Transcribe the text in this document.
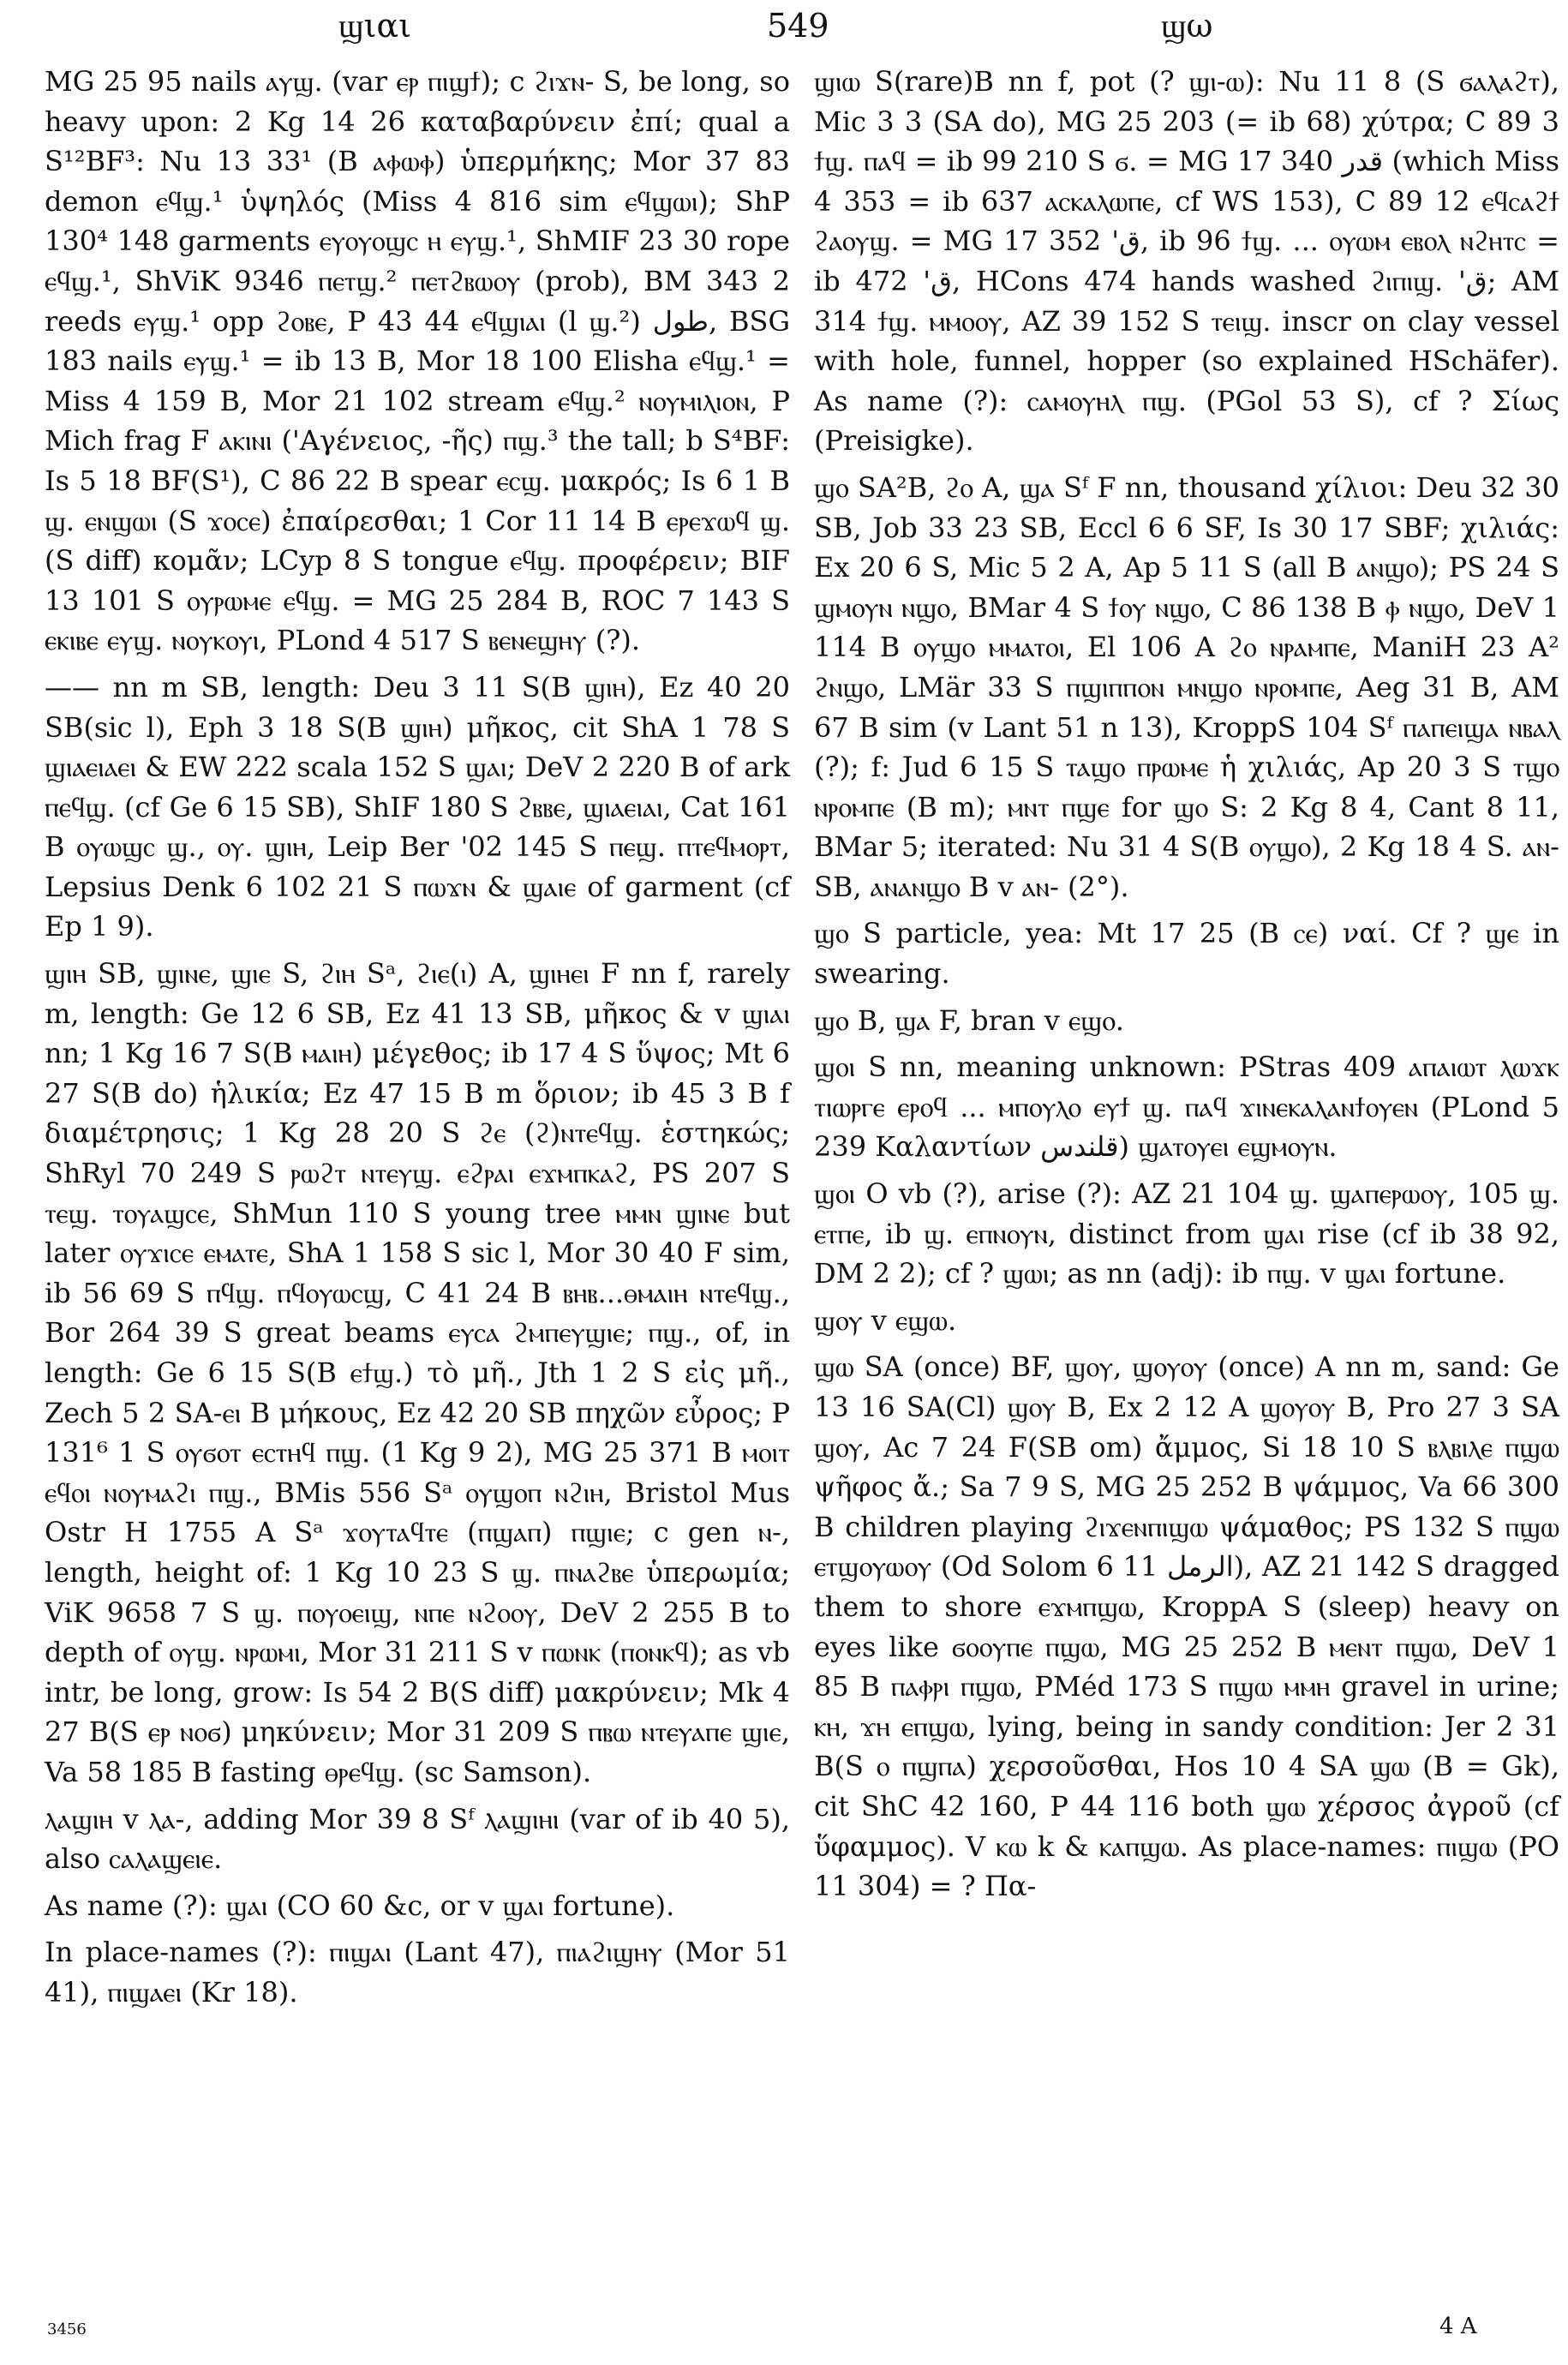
ϣιαι	549	ϣω

MG 25 95 nails ⲁⲩϣ. (var ⲉⲣ ⲡⲓϣϯ); c ϩⲓϫⲛ- S, be long, so heavy upon: 2 Kg 14 26 καταβαρύνειν ἐπί; qual a S¹²BF³: Nu 13 33¹ (B ⲁⲫⲱⲫ) ὑπερμήκης; Mor 37 83 demon ⲉϥϣ.¹ ὑψηλός (Miss 4 816 sim ⲉϥϣⲱⲓ); ShP 130⁴ 148 garments ⲉⲩⲟⲩⲟϣⲥ ⲏ ⲉⲩϣ.¹, ShMIF 23 30 rope ⲉϥϣ.¹, ShViK 9346 ⲡⲉⲧϣ.² ⲡⲉⲧϩⲃⲱⲟⲩ (prob), BM 343 2 reeds ⲉⲩϣ.¹ opp ϩⲟⲃⲉ, P 43 44 ⲉϥϣⲓⲁⲓ (l ϣ.²) طول, BSG 183 nails ⲉⲩϣ.¹ = ib 13 B, Mor 18 100 Elisha ⲉϥϣ.¹ = Miss 4 159 B, Mor 21 102 stream ⲉϥϣ.² ⲛⲟⲩⲙⲓⲗⲓⲟⲛ, P Mich frag F ⲁⲕⲓⲛⲓ ('Αγένειος, -ῆς) ⲡϣ.³ the tall; b S⁴BF: Is 5 18 BF(S¹), C 86 22 B spear ⲉⲥϣ. μακρός; Is 6 1 B ϣ. ⲉⲛϣⲱⲓ (S ϫⲟⲥⲉ) ἐπαίρεσθαι; 1 Cor 11 14 B ⲉⲣⲉϫⲱϥ ϣ. (S diff) κομᾶν; LCyp 8 S tongue ⲉϥϣ. προφέρειν; BIF 13 101 S ⲟⲩⲣⲱⲙⲉ ⲉϥϣ. = MG 25 284 B, ROC 7 143 S ⲉⲕⲓⲃⲉ ⲉⲩϣ. ⲛⲟⲩⲕⲟⲩⲓ, PLond 4 517 S ⲃⲉⲛⲉϣⲏⲩ (?).

—— nn m SB, length: Deu 3 11 S(B ϣⲓⲏ), Ez 40 20 SB(sic l), Eph 3 18 S(B ϣⲓⲏ) μῆκος, cit ShA 1 78 S ϣⲓⲁⲉⲓⲁⲉⲓ & EW 222 scala 152 S ϣⲁⲓ; DeV 2 220 B of ark ⲡⲉϥϣ. (cf Ge 6 15 SB), ShIF 180 S ϩⲃⲃⲉ, ϣⲓⲁⲉⲓⲁⲓ, Cat 161 B ⲟⲩⲱϣⲥ ϣ., ⲟⲩ. ϣⲓⲏ, Leip Ber '02 145 S ⲡⲉϣ. ⲡⲧⲉϥⲙⲟⲣⲧ, Lepsius Denk 6 102 21 S ⲡⲱϫⲛ & ϣⲁⲓⲉ of garment (cf Ep 1 9).

ϣⲓⲏ SB, ϣⲓⲛⲉ, ϣⲓⲉ S, ϩⲓⲏ Sᵃ, ϩⲓⲉ(ⲓ) A, ϣⲓⲏⲉⲓ F nn f, rarely m, length: Ge 12 6 SB, Ez 41 13 SB, μῆκος & v ϣⲓⲁⲓ nn; 1 Kg 16 7 S(B ⲙⲁⲓⲏ) μέγεθος; ib 17 4 S ὕψος; Mt 6 27 S(B do) ἡλικία; Ez 47 15 B m ὅριον; ib 45 3 B f διαμέτρησις; 1 Kg 28 20 S ϩⲉ (ϩ)ⲛⲧⲉϥϣ. ἑστηκώς; ShRyl 70 249 S ⲣⲱϩⲧ ⲛⲧⲉⲩϣ. ⲉϩⲣⲁⲓ ⲉϫⲙⲡⲕⲁϩ, PS 207 S ⲧⲉϣ. ⲧⲟⲩⲁϣⲥⲉ, ShMun 110 S young tree ⲙⲙⲛ ϣⲓⲛⲉ but later ⲟⲩϫⲓⲥⲉ ⲉⲙⲁⲧⲉ, ShA 1 158 S sic l, Mor 30 40 F sim, ib 56 69 S ⲡϥϣ. ⲡϥⲟⲩⲱⲥϣ, C 41 24 B ⲃⲏⲃ...ⲑⲙⲁⲓⲏ ⲛⲧⲉϥϣ., Bor 264 39 S great beams ⲉⲩⲥⲁ ϩⲙⲡⲉⲩϣⲓⲉ; ⲡϣ., of, in length: Ge 6 15 S(B ⲉϯϣ.) τὸ μῆ., Jth 1 2 S εἰς μῆ., Zech 5 2 SA-ⲉⲓ B μήκους, Ez 42 20 SB πηχῶν εὖρος; P 131⁶ 1 S ⲟⲩϭⲟⲧ ⲉⲥⲧⲏϥ ⲡϣ. (1 Kg 9 2), MG 25 371 B ⲙⲟⲓⲧ ⲉϥⲟⲓ ⲛⲟⲩⲙⲁϩⲓ ⲡϣ., BMis 556 Sᵃ ⲟⲩϣⲟⲡ ⲛϩⲓⲏ, Bristol Mus Ostr H 1755 A Sᵃ ϫⲟⲩⲧⲁϥⲧⲉ (ⲡϣⲁⲡ) ⲡϣⲓⲉ; c gen ⲛ-, length, height of: 1 Kg 10 23 S ϣ. ⲡⲛⲁϩⲃⲉ ὑπερωμία; ViK 9658 7 S ϣ. ⲡⲟⲩⲟⲉⲓϣ, ⲛⲡⲉ ⲛϩⲟⲟⲩ, DeV 2 255 B to depth of ⲟⲩϣ. ⲛⲣⲱⲙⲓ, Mor 31 211 S v ⲡⲱⲛⲕ (ⲡⲟⲛⲕϥ); as vb intr, be long, grow: Is 54 2 B(S diff) μακρύνειν; Mk 4 27 B(S ⲉⲣ ⲛⲟϭ) μηκύνειν; Mor 31 209 S ⲡⲃⲱ ⲛⲧⲉⲩⲁⲡⲉ ϣⲓⲉ, Va 58 185 B fasting ⲑⲣⲉϥϣ. (sc Samson).

ⲗⲁϣⲓⲏ v ⲗⲁ-, adding Mor 39 8 Sᶠ ⲗⲁϣⲓⲏⲓ (var of ib 40 5), also ⲥⲁⲗⲁϣⲉⲓⲉ.

As name (?): ϣⲁⲓ (CO 60 &c, or v ϣⲁⲓ fortune).

In place-names (?): ⲡⲓϣⲁⲓ (Lant 47), ⲡⲓⲁϩⲓϣⲏⲩ (Mor 51 41), ⲡⲓϣⲁⲉⲓ (Kr 18).

ϣⲓⲱ S(rare)B nn f, pot (? ϣⲓ-ⲱ): Nu 11 8 (S ϭⲁⲗⲁϩⲧ), Mic 3 3 (SA do), MG 25 203 (= ib 68) χύτρα; C 89 3 ϯϣ. ⲡⲁϥ = ib 99 210 S ϭ. = MG 17 340 قدر (which Miss 4 353 = ib 637 ⲁⲥⲕⲁⲗⲱⲡⲉ, cf WS 153), C 89 12 ⲉϥⲥⲁϩϯ ϩⲁⲟⲩϣ. = MG 17 352 'ق, ib 96 ϯϣ. ... ⲟⲩⲱⲙ ⲉⲃⲟⲗ ⲛϩⲏⲧⲥ = ib 472 'ق, HCons 474 hands washed ϩⲓⲡⲓϣ. 'ق; AM 314 ϯϣ. ⲙⲙⲟⲟⲩ, AZ 39 152 S ⲧⲉⲓϣ. inscr on clay vessel with hole, funnel, hopper (so explained HSchäfer). As name (?): ⲥⲁⲙⲟⲩⲏⲗ ⲡϣ. (PGol 53 S), cf ? Σίως (Preisigke).

ϣⲟ SA²B, ϩⲟ A, ϣⲁ Sᶠ F nn, thousand χίλιοι: Deu 32 30 SB, Job 33 23 SB, Eccl 6 6 SF, Is 30 17 SBF; χιλιάς: Ex 20 6 S, Mic 5 2 A, Ap 5 11 S (all B ⲁⲛϣⲟ); PS 24 S ϣⲙⲟⲩⲛ ⲛϣⲟ, BMar 4 S ϯⲟⲩ ⲛϣⲟ, C 86 138 B ⲫ ⲛϣⲟ, DeV 1 114 B ⲟⲩϣⲟ ⲙⲙⲁⲧⲟⲓ, El 106 A ϩⲟ ⲛⲣⲁⲙⲡⲉ, ManiH 23 A² ϩⲛϣⲟ, LMär 33 S ⲡϣⲓⲡⲡⲟⲛ ⲙⲛϣⲟ ⲛⲣⲟⲙⲡⲉ, Aeg 31 B, AM 67 B sim (v Lant 51 n 13), KroppS 104 Sᶠ ⲡⲁⲡⲉⲓϣⲁ ⲛⲃⲁⲗ (?); f: Jud 6 15 S ⲧⲁϣⲟ ⲡⲣⲱⲙⲉ ἡ χιλιάς, Ap 20 3 S ⲧϣⲟ ⲛⲣⲟⲙⲡⲉ (B m); ⲙⲛⲧ ⲡϣⲉ for ϣⲟ S: 2 Kg 8 4, Cant 8 11, BMar 5; iterated: Nu 31 4 S(B ⲟⲩϣⲟ), 2 Kg 18 4 S. ⲁⲛ-SB, ⲁⲛⲁⲛϣⲟ B v ⲁⲛ- (2°).

ϣⲟ S particle, yea: Mt 17 25 (B ⲥⲉ) ναί. Cf ? ϣⲉ in swearing.

ϣⲟ B, ϣⲁ F, bran v ⲉϣⲟ.

ϣⲟⲓ S nn, meaning unknown: PStras 409 ⲁⲡⲁⲓⲱⲧ ⲗⲱϫⲕ ⲧⲓⲱⲣⲅⲉ ⲉⲣⲟϥ ... ⲙⲡⲟⲩⲗⲟ ⲉⲩϯ ϣ. ⲡⲁϥ ϫⲓⲛⲉⲕⲁⲗⲁⲛϯⲟⲩⲉⲛ (PLond 5 239 Καλαντίων قلندس) ϣⲁⲧⲟⲩⲉⲓ ⲉϣⲙⲟⲩⲛ.

ϣⲟⲓ O vb (?), arise (?): AZ 21 104 ϣ. ϣⲁⲡⲉⲣⲱⲟⲩ, 105 ϣ. ⲉⲧⲡⲉ, ib ϣ. ⲉⲡⲛⲟⲩⲛ, distinct from ϣⲁⲓ rise (cf ib 38 92, DM 2 2); cf ? ϣⲱⲓ; as nn (adj): ib ⲡϣ. v ϣⲁⲓ fortune.

ϣⲟⲩ v ⲉϣⲱ.

ϣⲱ SA (once) BF, ϣⲟⲩ, ϣⲟⲩⲟⲩ (once) A nn m, sand: Ge 13 16 SA(Cl) ϣⲟⲩ B, Ex 2 12 A ϣⲟⲩⲟⲩ B, Pro 27 3 SA ϣⲟⲩ, Ac 7 24 F(SB om) ἄμμος, Si 18 10 S ⲃⲗⲃⲓⲗⲉ ⲡϣⲱ ψῆφος ἄ.; Sa 7 9 S, MG 25 252 B ψάμμος, Va 66 300 B children playing ϩⲓϫⲉⲛⲡⲓϣⲱ ψάμαθος; PS 132 S ⲡϣⲱ ⲉⲧϣⲟⲩⲱⲟⲩ (Od Solom 6 11 الرمل), AZ 21 142 S dragged them to shore ⲉϫⲙⲡϣⲱ, KroppA S (sleep) heavy on eyes like ϭⲟⲟⲩⲡⲉ ⲡϣⲱ, MG 25 252 B ⲙⲉⲛⲧ ⲡϣⲱ, DeV 1 85 B ⲡⲁⲫⲣⲓ ⲡϣⲱ, PMéd 173 S ⲡϣⲱ ⲙⲙⲏ gravel in urine; ⲕⲏ, ϫⲏ ⲉⲡϣⲱ, lying, being in sandy condition: Jer 2 31 B(S ⲟ ⲡϣⲡⲁ) χερσοῦσθαι, Hos 10 4 SA ϣⲱ (B = Gk), cit ShC 42 160, P 44 116 both ϣⲱ χέρσος ἀγροῦ (cf ὕφαμμος). V ⲕⲱ k & ⲕⲁⲡϣⲱ. As place-names: ⲡⲓϣⲱ (PO 11 304) = ? Πα-

3456	4 A
